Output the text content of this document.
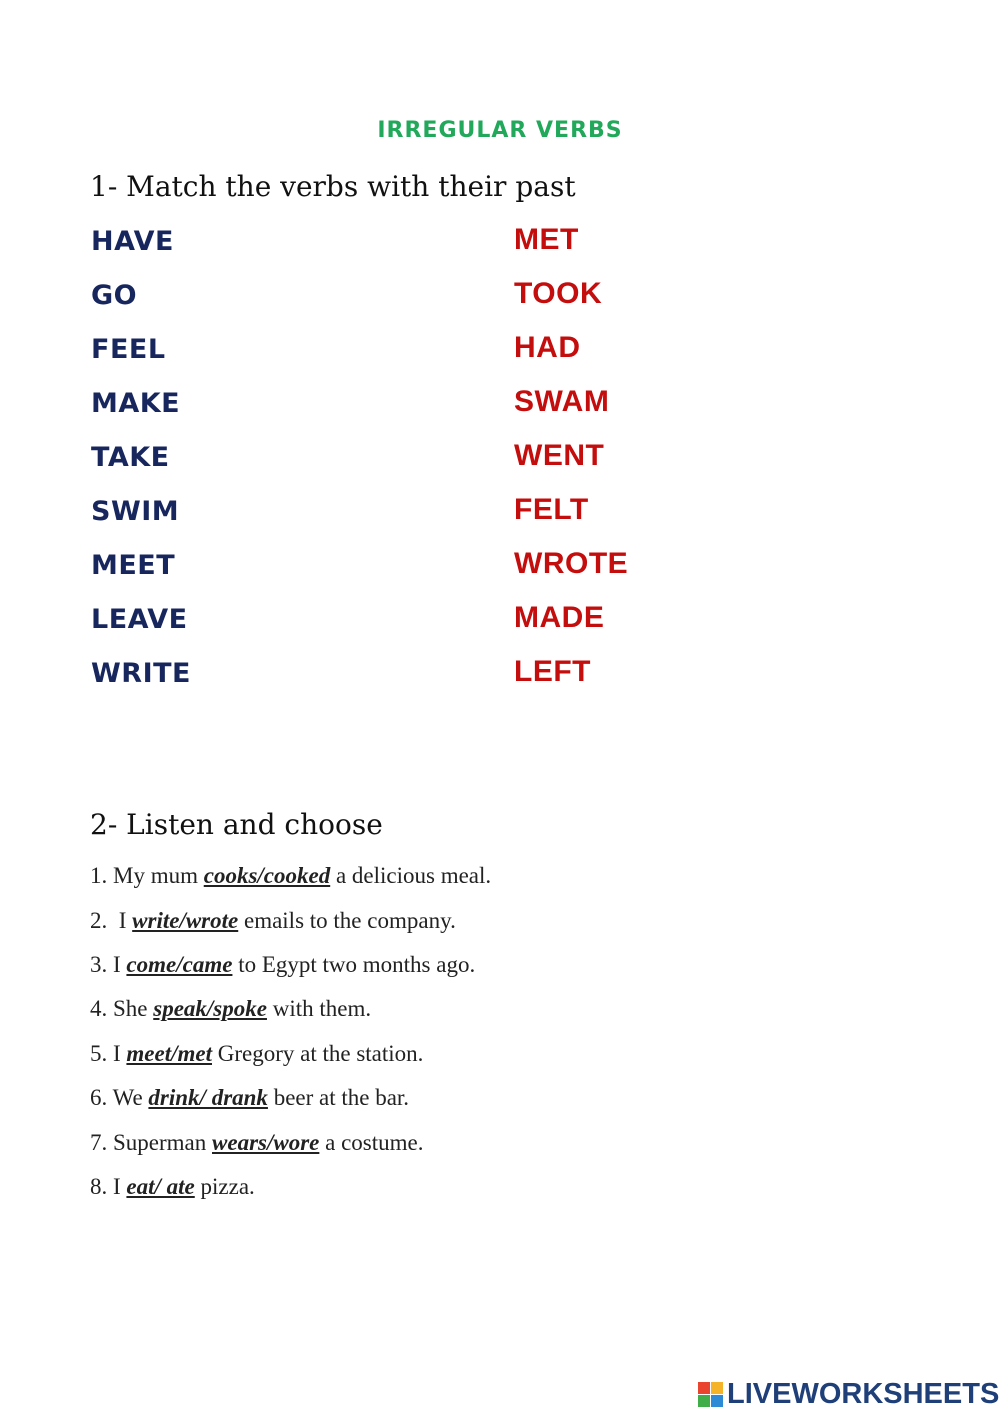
IRREGULAR VERBS
1- Match the verbs with their past
HAVE
GO
FEEL
MAKE
TAKE
SWIM
MEET
LEAVE
WRITE
MET
TOOK
HAD
SWAM
WENT
FELT
WROTE
MADE
LEFT
2- Listen and choose
1. My mum cooks/cooked a delicious meal.
2.  I write/wrote emails to the company.
3. I come/came to Egypt two months ago.
4. She speak/spoke with them.
5. I meet/met Gregory at the station.
6. We drink/ drank beer at the bar.
7. Superman wears/wore a costume.
8. I eat/ ate pizza.
LIVEWORKSHEETS
